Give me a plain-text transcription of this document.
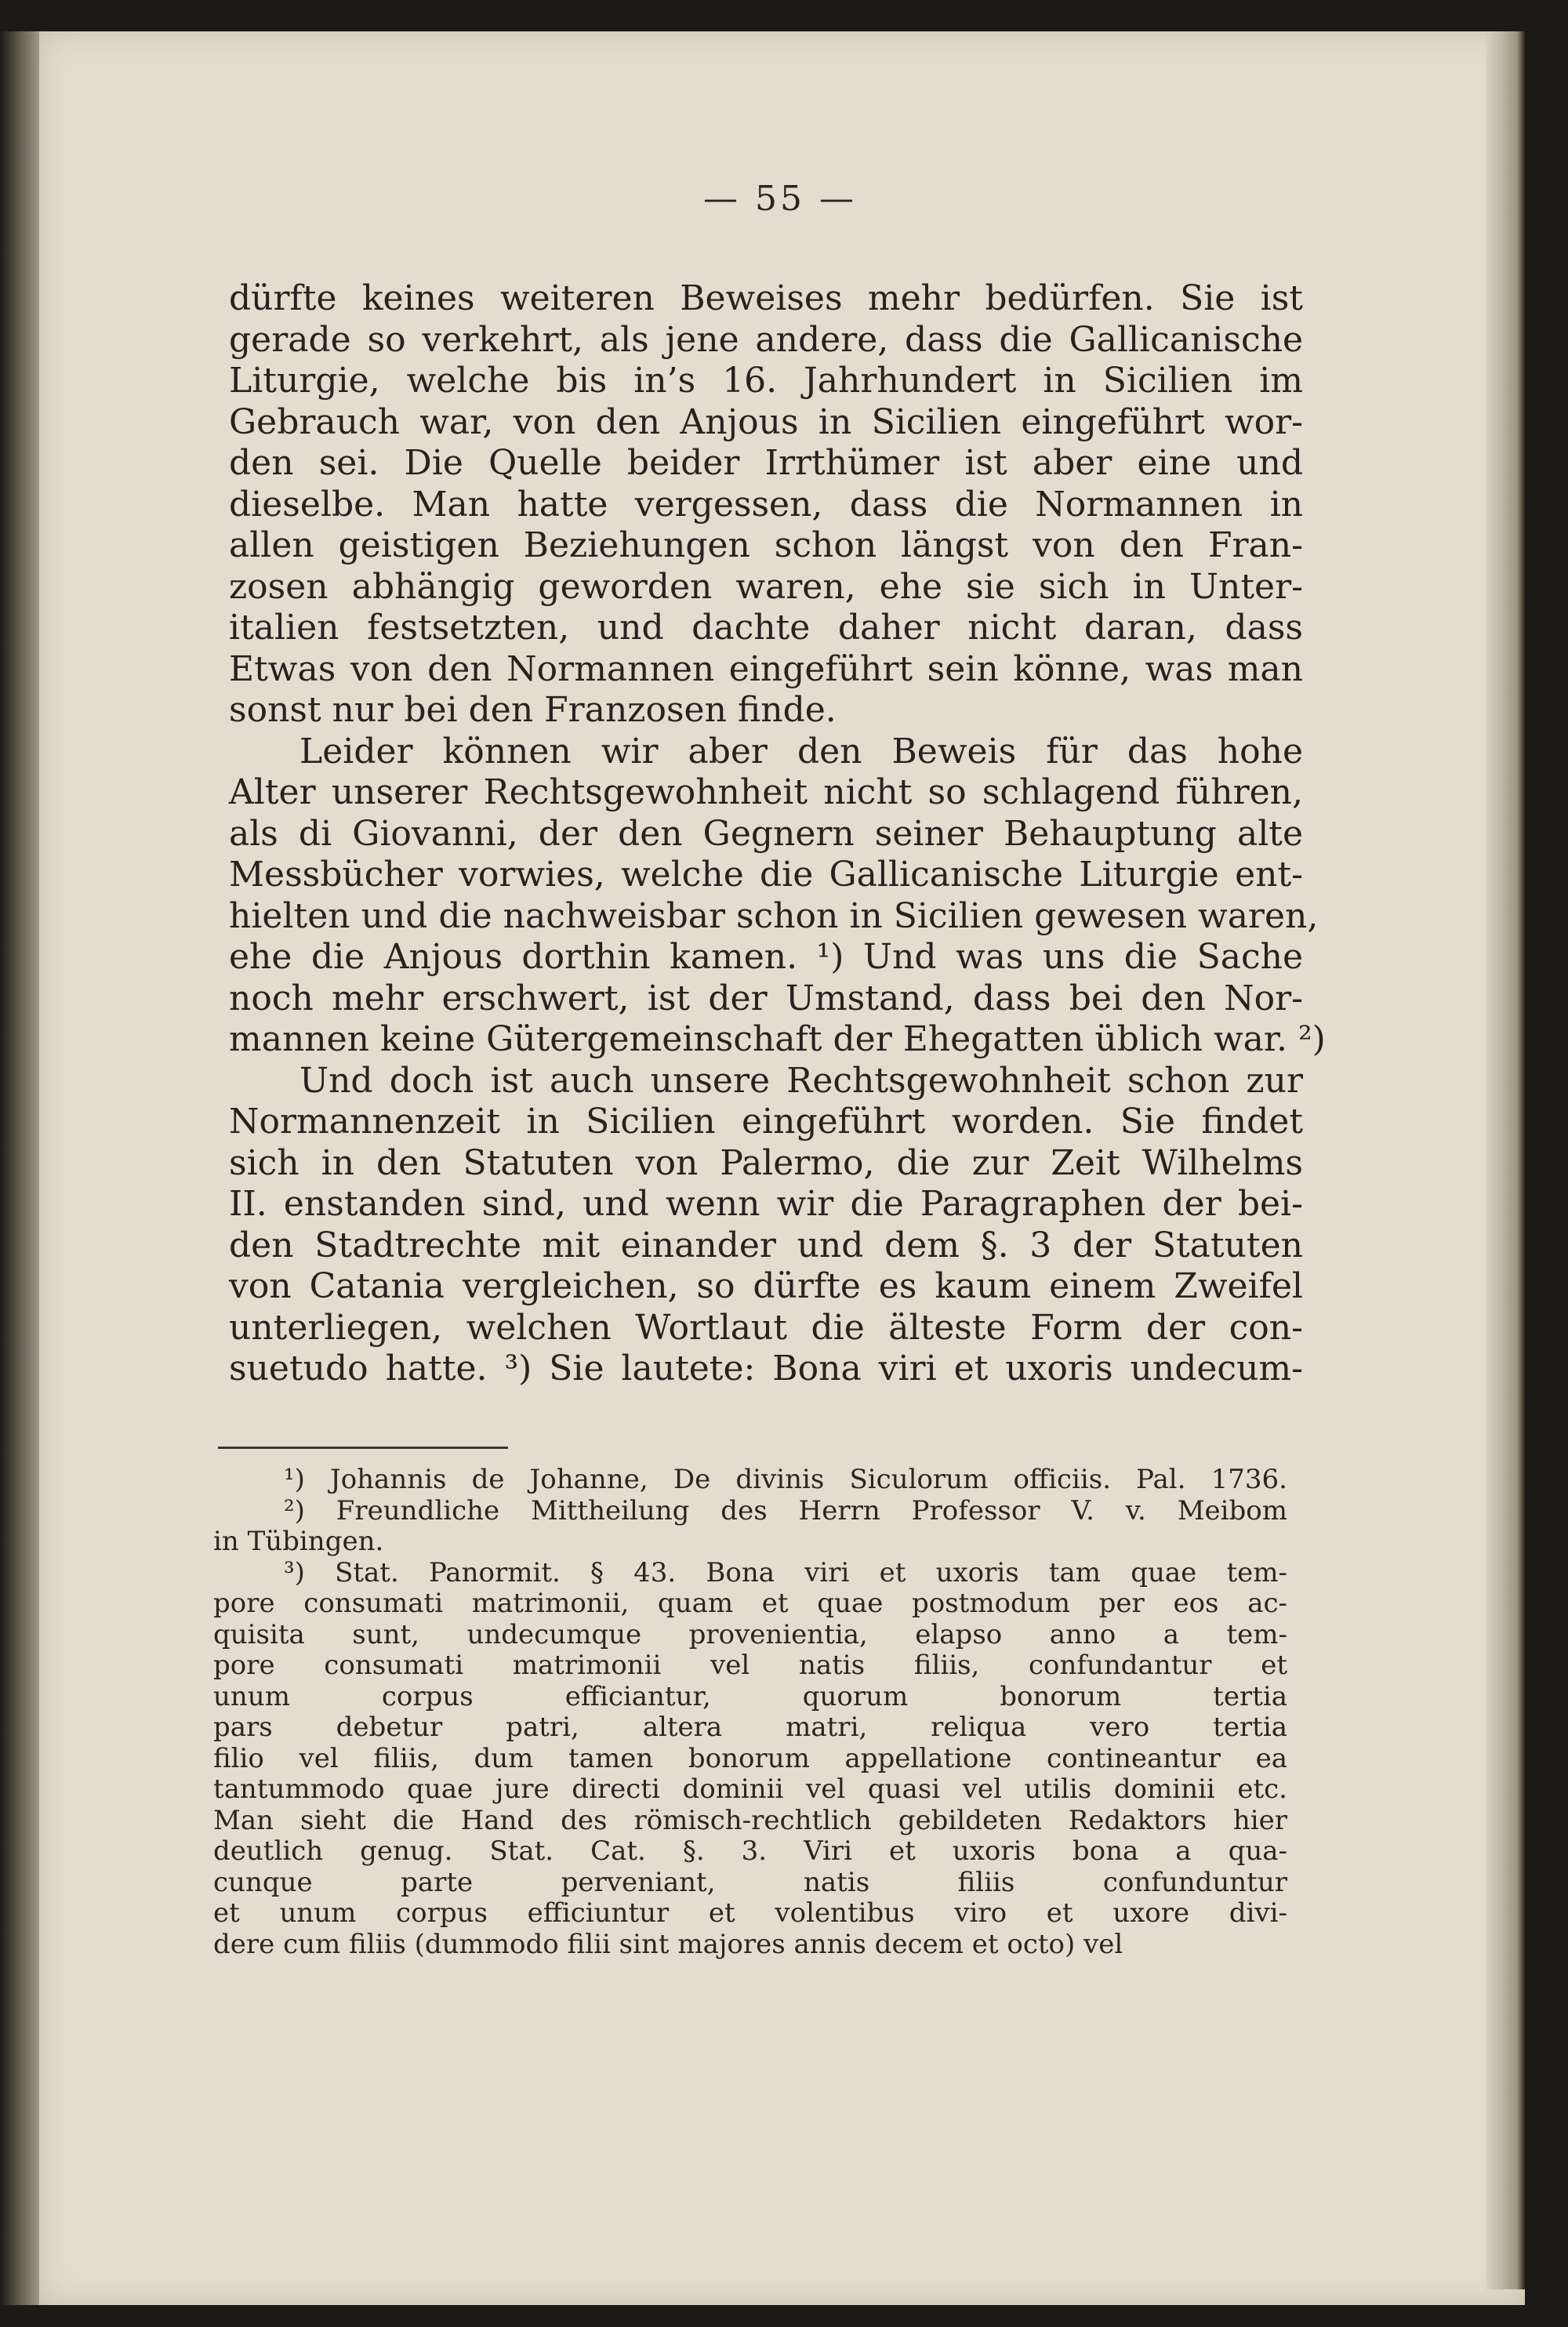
— 55 —
dürfte keines weiteren Beweises mehr bedürfen. Sie ist
gerade so verkehrt, als jene andere, dass die Gallicanische
Liturgie, welche bis in’s 16. Jahrhundert in Sicilien im
Gebrauch war, von den Anjous in Sicilien eingeführt wor-
den sei. Die Quelle beider Irrthümer ist aber eine und
dieselbe. Man hatte vergessen, dass die Normannen in
allen geistigen Beziehungen schon längst von den Fran-
zosen abhängig geworden waren, ehe sie sich in Unter-
italien festsetzten, und dachte daher nicht daran, dass
Etwas von den Normannen eingeführt sein könne, was man
sonst nur bei den Franzosen finde.
Leider können wir aber den Beweis für das hohe
Alter unserer Rechtsgewohnheit nicht so schlagend führen,
als di Giovanni, der den Gegnern seiner Behauptung alte
Messbücher vorwies, welche die Gallicanische Liturgie ent-
hielten und die nachweisbar schon in Sicilien gewesen waren,
ehe die Anjous dorthin kamen. ¹) Und was uns die Sache
noch mehr erschwert, ist der Umstand, dass bei den Nor-
mannen keine Gütergemeinschaft der Ehegatten üblich war. ²)
Und doch ist auch unsere Rechtsgewohnheit schon zur
Normannenzeit in Sicilien eingeführt worden. Sie findet
sich in den Statuten von Palermo, die zur Zeit Wilhelms
II. enstanden sind, und wenn wir die Paragraphen der bei-
den Stadtrechte mit einander und dem §. 3 der Statuten
von Catania vergleichen, so dürfte es kaum einem Zweifel
unterliegen, welchen Wortlaut die älteste Form der con-
suetudo hatte. ³) Sie lautete: Bona viri et uxoris undecum-
¹) Johannis de Johanne, De divinis Siculorum officiis. Pal. 1736.
²) Freundliche Mittheilung des Herrn Professor V. v. Meibom
in Tübingen.
³) Stat. Panormit. § 43. Bona viri et uxoris tam quae tem-
pore consumati matrimonii, quam et quae postmodum per eos ac-
quisita sunt, undecumque provenientia, elapso anno a tem-
pore consumati matrimonii vel natis filiis, confundantur et
unum corpus efficiantur, quorum bonorum tertia
pars debetur patri, altera matri, reliqua vero tertia
filio vel filiis, dum tamen bonorum appellatione contineantur ea
tantummodo quae jure directi dominii vel quasi vel utilis dominii etc.
Man sieht die Hand des römisch-rechtlich gebildeten Redaktors hier
deutlich genug. Stat. Cat. §. 3. Viri et uxoris bona a qua-
cunque parte perveniant, natis filiis confunduntur
et unum corpus efficiuntur et volentibus viro et uxore divi-
dere cum filiis (dummodo filii sint majores annis decem et octo) vel
